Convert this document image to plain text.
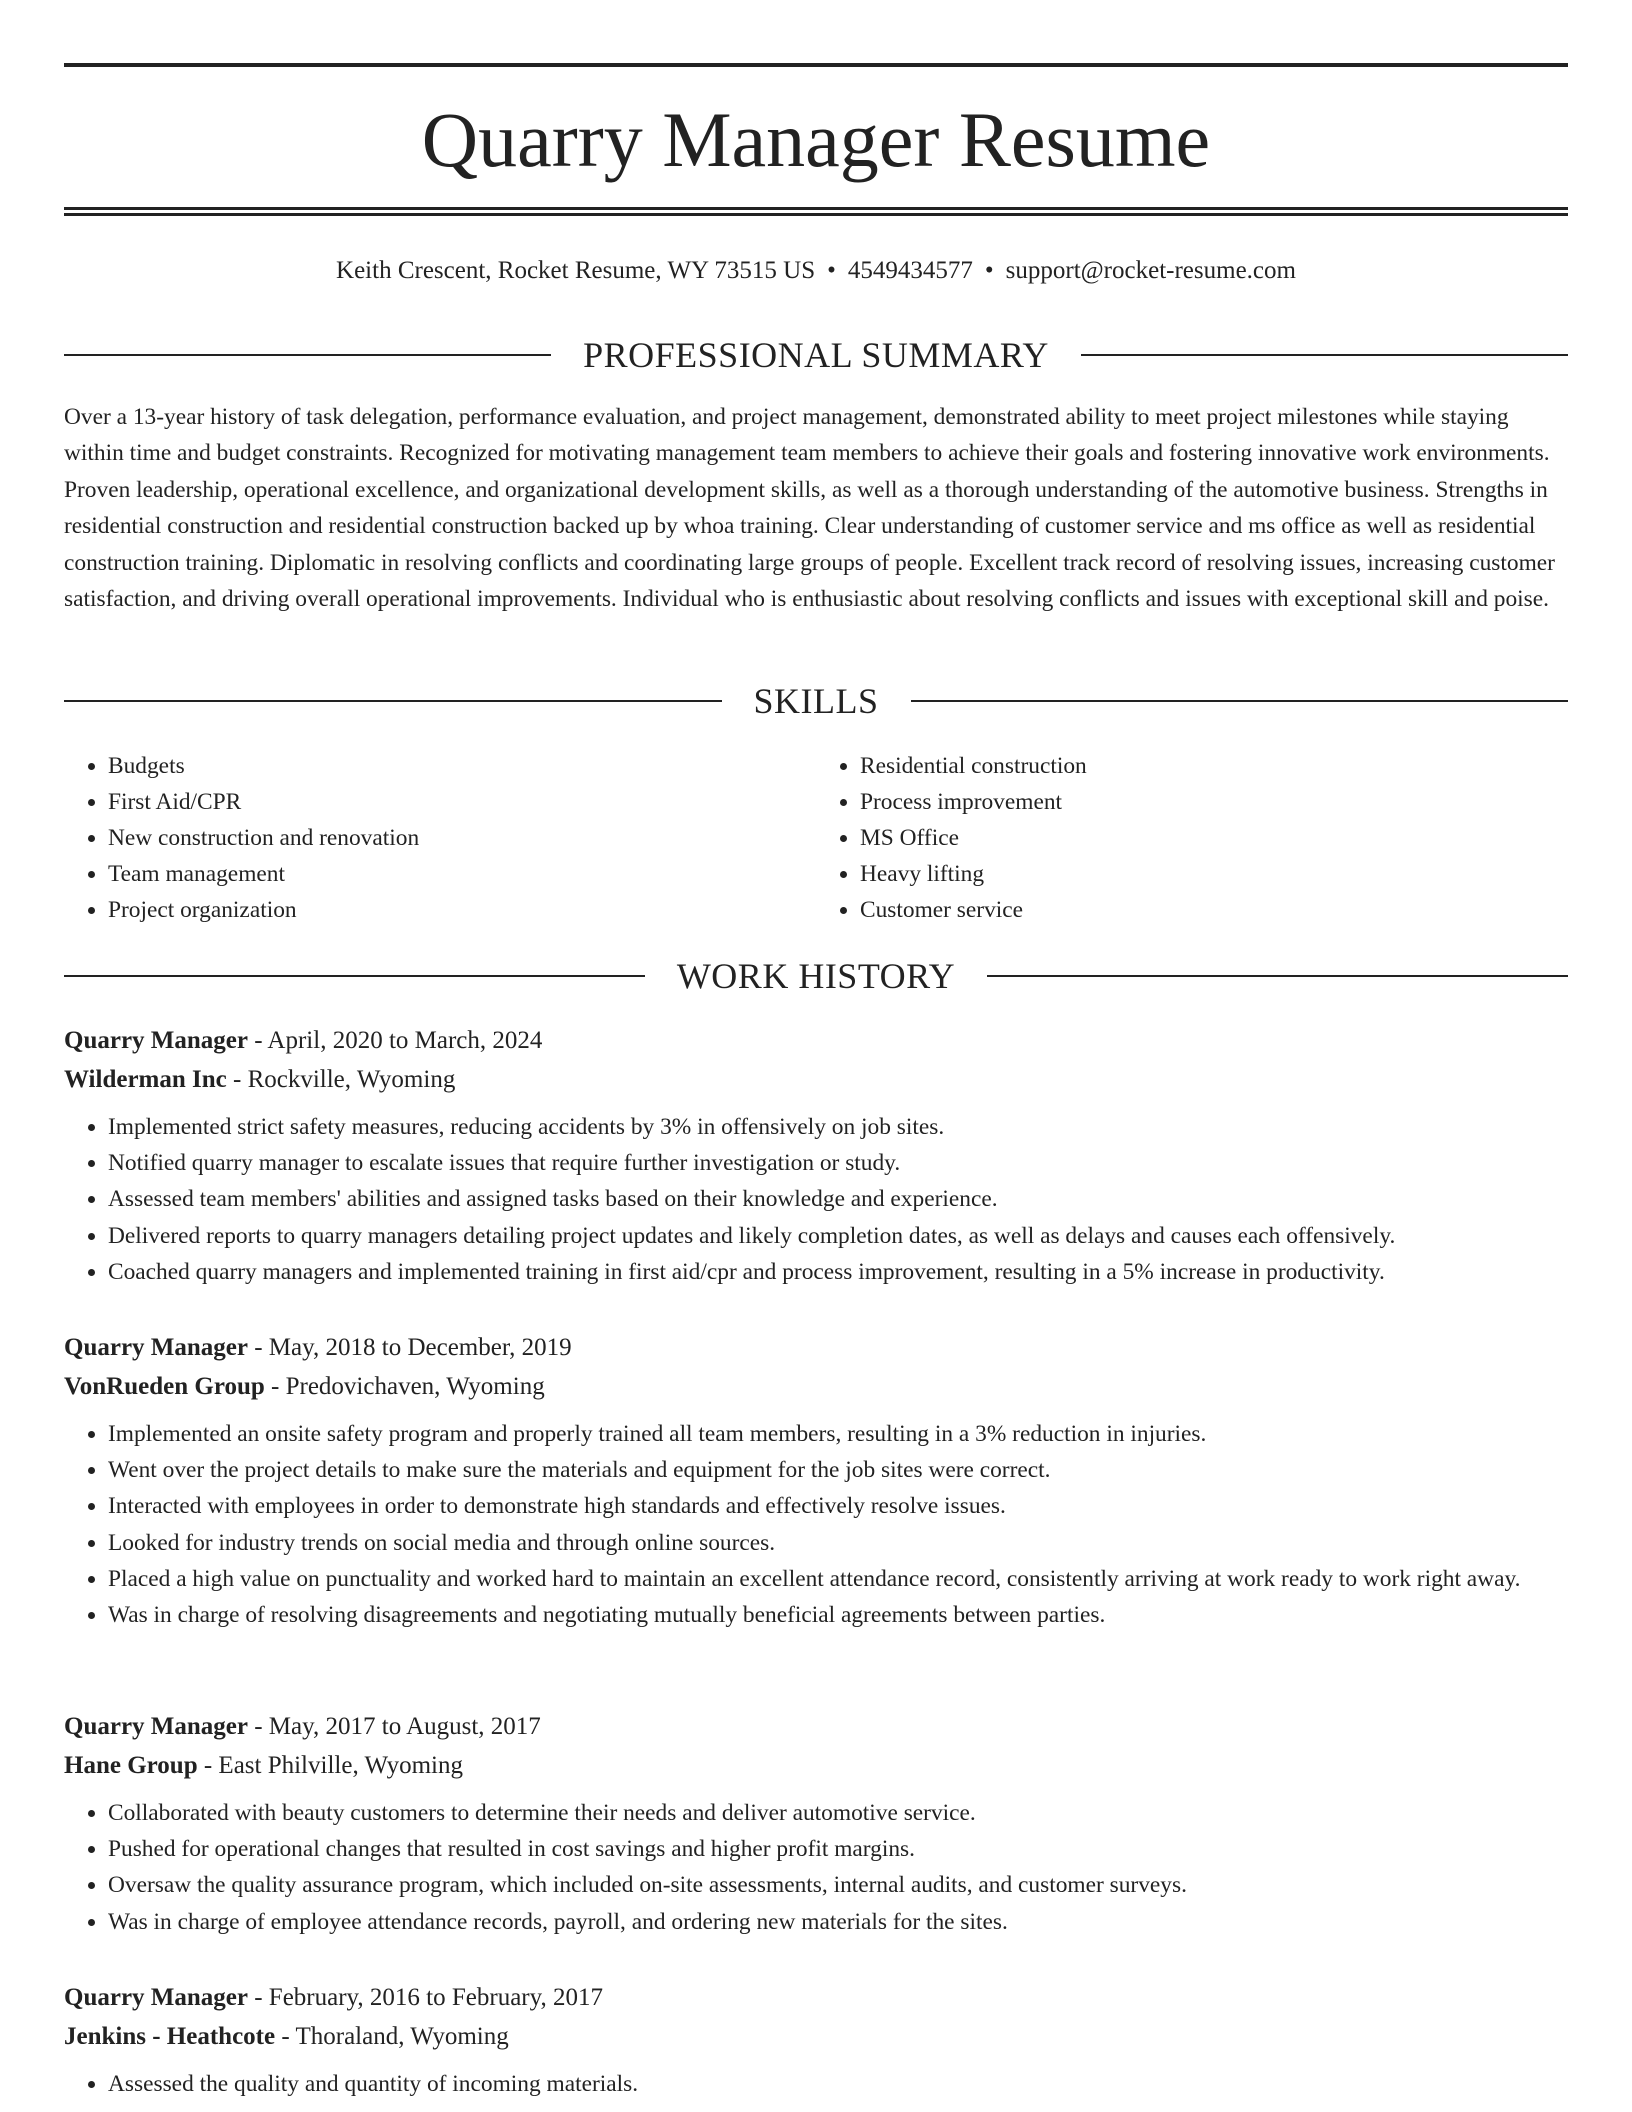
Quarry Manager Resume
Keith Crescent, Rocket Resume, WY 73515 US • 4549434577 • support@rocket-resume.com
PROFESSIONAL SUMMARY

Over a 13-year history of task delegation, performance evaluation, and project management, demonstrated ability to meet project milestones while staying within time and budget constraints. Recognized for motivating management team members to achieve their goals and fostering innovative work environments. Proven leadership, operational excellence, and organizational development skills, as well as a thorough understanding of the automotive business. Strengths in residential construction and residential construction backed up by whoa training. Clear understanding of customer service and ms office as well as residential construction training. Diplomatic in resolving conflicts and coordinating large groups of people. Excellent track record of resolving issues, increasing customer satisfaction, and driving overall operational improvements. Individual who is enthusiastic about resolving conflicts and issues with exceptional skill and poise.

SKILLS
• Budgets
• First Aid/CPR
• New construction and renovation
• Team management
• Project organization
• Residential construction
• Process improvement
• MS Office
• Heavy lifting
• Customer service
WORK HISTORY
Quarry Manager - April, 2020 to March, 2024
Wilderman Inc - Rockville, Wyoming
• Implemented strict safety measures, reducing accidents by 3% in offensively on job sites.
• Notified quarry manager to escalate issues that require further investigation or study.
• Assessed team members' abilities and assigned tasks based on their knowledge and experience.
• Delivered reports to quarry managers detailing project updates and likely completion dates, as well as delays and causes each offensively.
• Coached quarry managers and implemented training in first aid/cpr and process improvement, resulting in a 5% increase in productivity.
Quarry Manager - May, 2018 to December, 2019
VonRueden Group - Predovichaven, Wyoming
• Implemented an onsite safety program and properly trained all team members, resulting in a 3% reduction in injuries.
• Went over the project details to make sure the materials and equipment for the job sites were correct.
• Interacted with employees in order to demonstrate high standards and effectively resolve issues.
• Looked for industry trends on social media and through online sources.
• Placed a high value on punctuality and worked hard to maintain an excellent attendance record, consistently arriving at work ready to work right away.
• Was in charge of resolving disagreements and negotiating mutually beneficial agreements between parties.
Quarry Manager - May, 2017 to August, 2017
Hane Group - East Philville, Wyoming
• Collaborated with beauty customers to determine their needs and deliver automotive service.
• Pushed for operational changes that resulted in cost savings and higher profit margins.
• Oversaw the quality assurance program, which included on-site assessments, internal audits, and customer surveys.
• Was in charge of employee attendance records, payroll, and ordering new materials for the sites.
Quarry Manager - February, 2016 to February, 2017
Jenkins - Heathcote - Thoraland, Wyoming
• Assessed the quality and quantity of incoming materials.
